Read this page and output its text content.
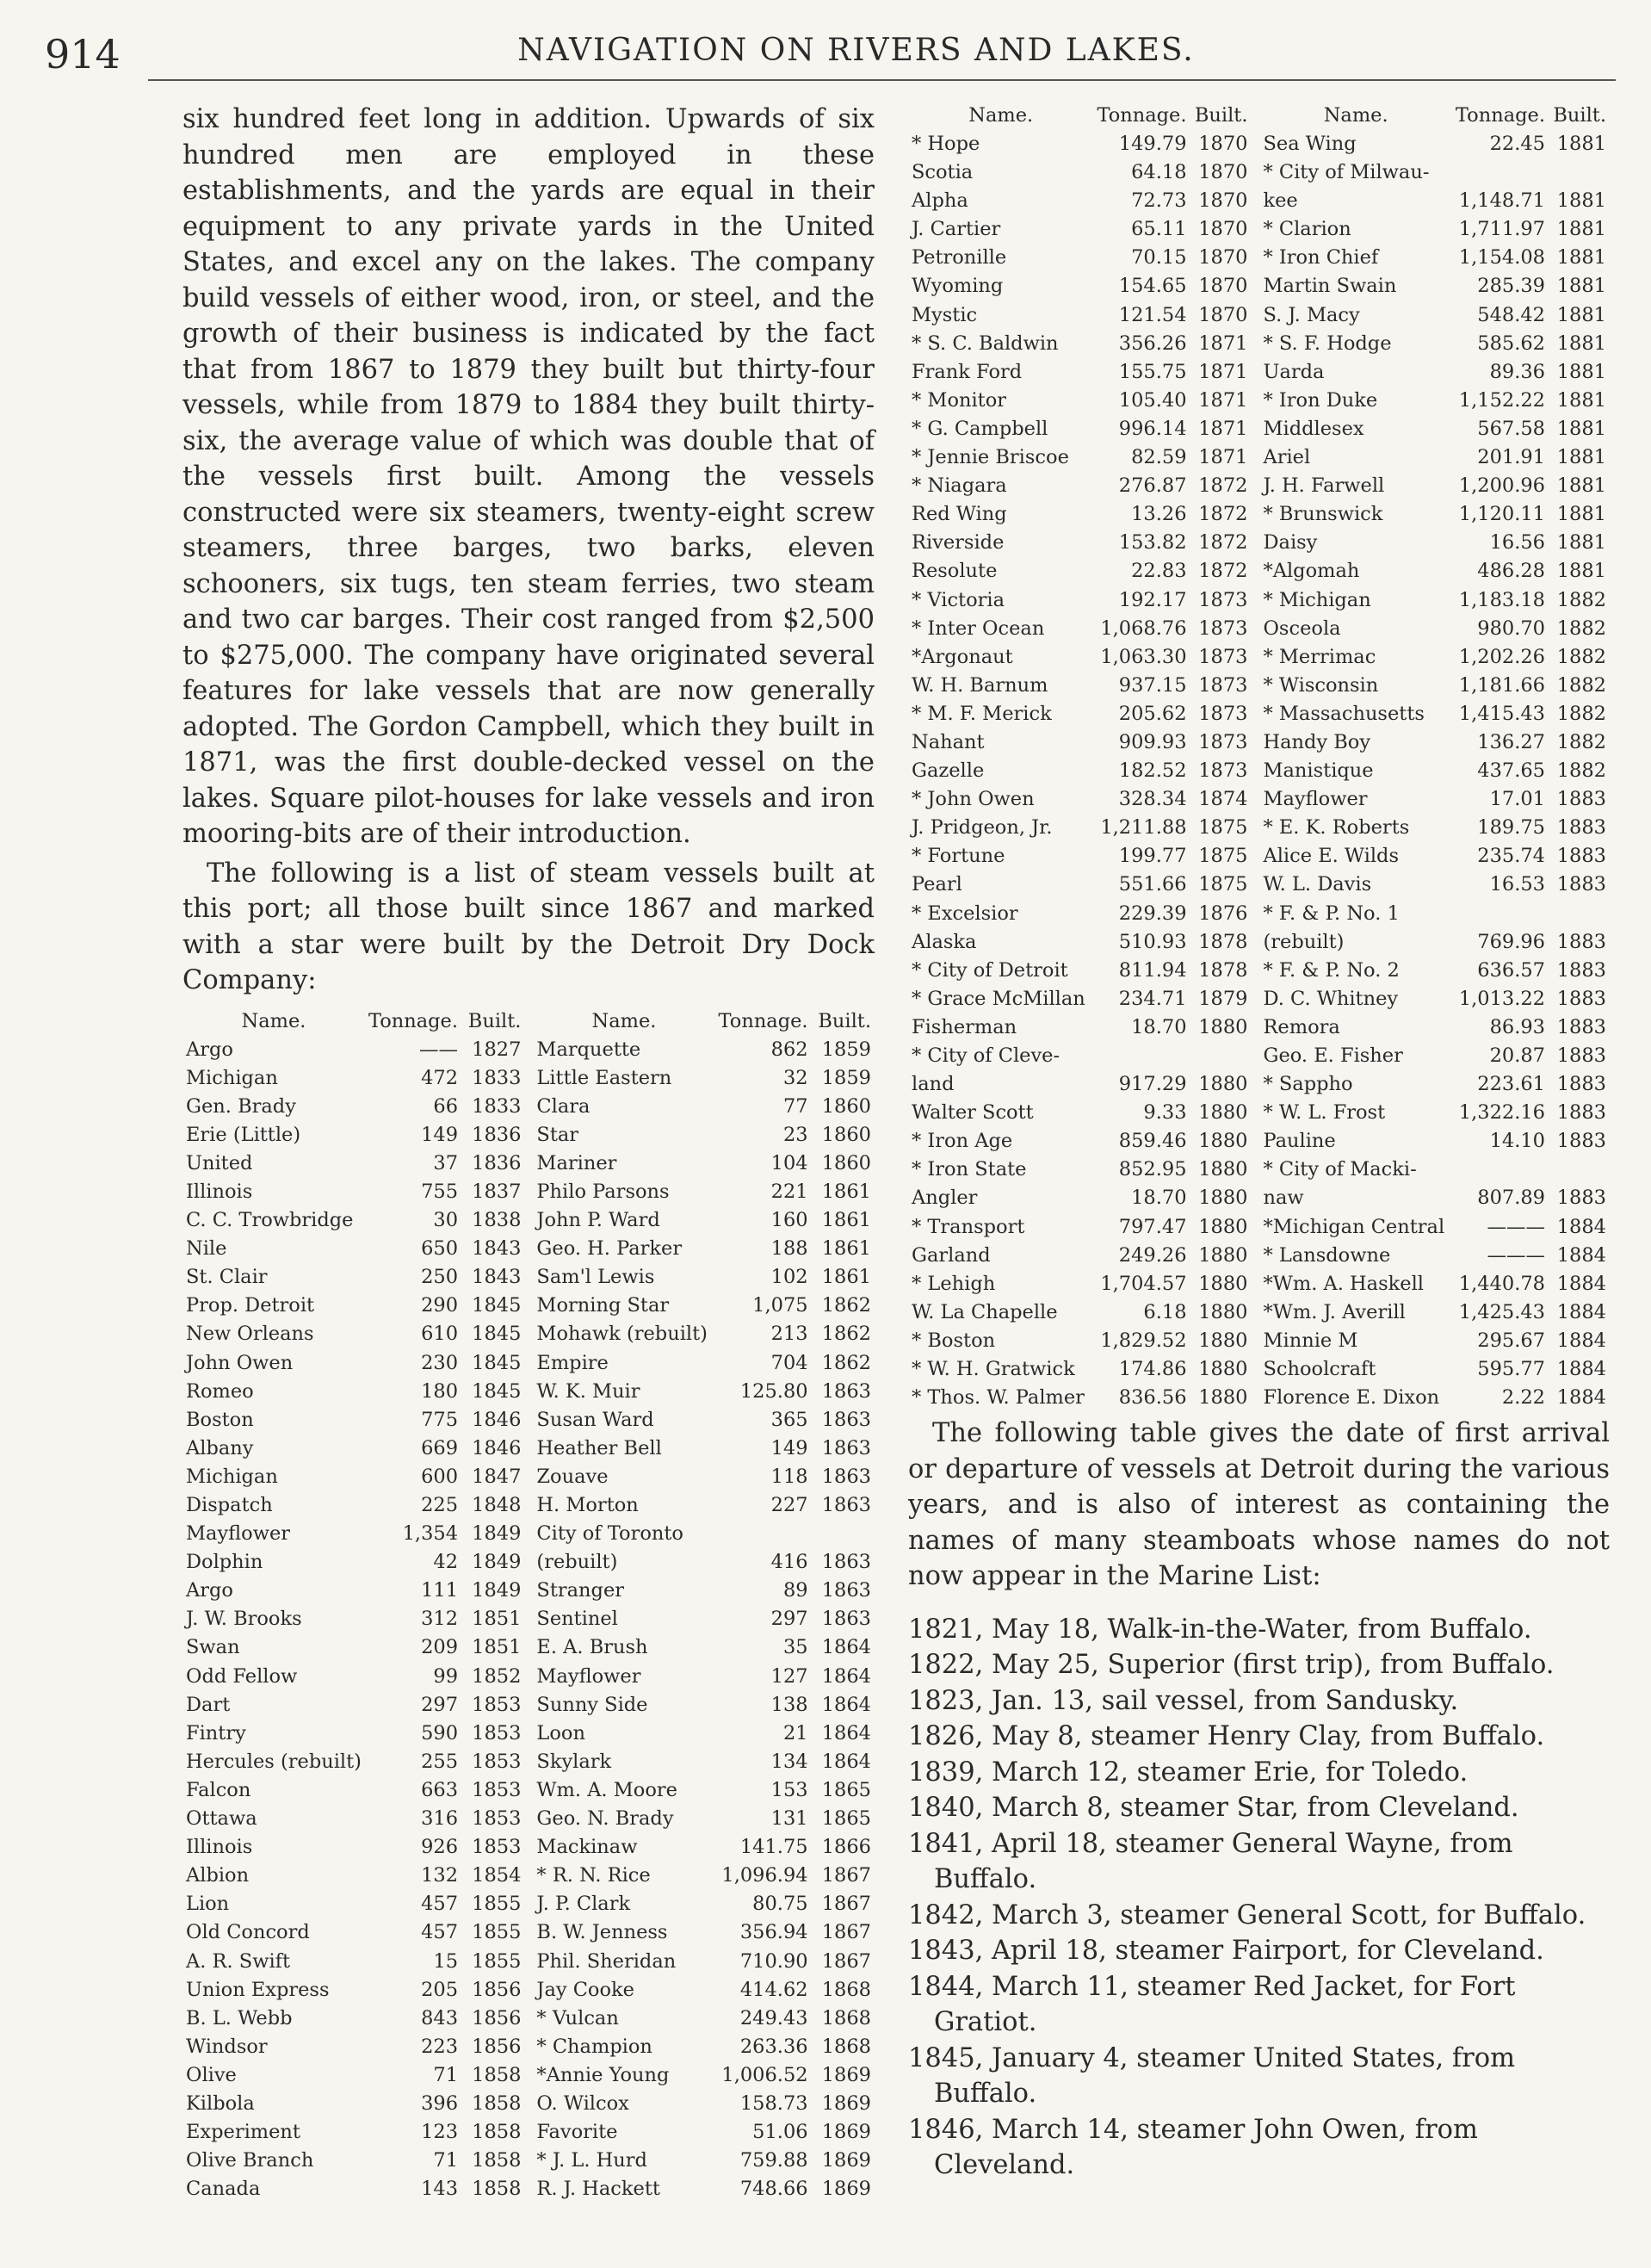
914	NAVIGATION ON RIVERS AND LAKES.

six hundred feet long in addition. Upwards of six hundred men are employed in these establishments, and the yards are equal in their equipment to any private yards in the United States, and excel any on the lakes. The company build vessels of either wood, iron, or steel, and the growth of their business is indicated by the fact that from 1867 to 1879 they built but thirty-four vessels, while from 1879 to 1884 they built thirty-six, the average value of which was double that of the vessels first built. Among the vessels constructed were six steamers, twenty-eight screw steamers, three barges, two barks, eleven schooners, six tugs, ten steam ferries, two steam and two car barges. Their cost ranged from $2,500 to $275,000. The company have originated several features for lake vessels that are now generally adopted. The Gordon Campbell, which they built in 1871, was the first double-decked vessel on the lakes. Square pilot-houses for lake vessels and iron mooring-bits are of their introduction.

The following is a list of steam vessels built at this port; all those built since 1867 and marked with a star were built by the Detroit Dry Dock Company:

Name.	Tonnage.	Built.	Name.	Tonnage.	Built.
Argo	——	1827	Marquette	862	1859
Michigan	472	1833	Little Eastern	32	1859
Gen. Brady	66	1833	Clara	77	1860
Erie (Little)	149	1836	Star	23	1860
United	37	1836	Mariner	104	1860
Illinois	755	1837	Philo Parsons	221	1861
C. C. Trowbridge	30	1838	John P. Ward	160	1861
Nile	650	1843	Geo. H. Parker	188	1861
St. Clair	250	1843	Sam'l Lewis	102	1861
Prop. Detroit	290	1845	Morning Star	1,075	1862
New Orleans	610	1845	Mohawk (rebuilt)	213	1862
John Owen	230	1845	Empire	704	1862
Romeo	180	1845	W. K. Muir	125.80	1863
Boston	775	1846	Susan Ward	365	1863
Albany	669	1846	Heather Bell	149	1863
Michigan	600	1847	Zouave	118	1863
Dispatch	225	1848	H. Morton	227	1863
Mayflower	1,354	1849	City of Toronto		
Dolphin	42	1849	(rebuilt)	416	1863
Argo	111	1849	Stranger	89	1863
J. W. Brooks	312	1851	Sentinel	297	1863
Swan	209	1851	E. A. Brush	35	1864
Odd Fellow	99	1852	Mayflower	127	1864
Dart	297	1853	Sunny Side	138	1864
Fintry	590	1853	Loon	21	1864
Hercules (rebuilt)	255	1853	Skylark	134	1864
Falcon	663	1853	Wm. A. Moore	153	1865
Ottawa	316	1853	Geo. N. Brady	131	1865
Illinois	926	1853	Mackinaw	141.75	1866
Albion	132	1854	* R. N. Rice	1,096.94	1867
Lion	457	1855	J. P. Clark	80.75	1867
Old Concord	457	1855	B. W. Jenness	356.94	1867
A. R. Swift	15	1855	Phil. Sheridan	710.90	1867
Union Express	205	1856	Jay Cooke	414.62	1868
B. L. Webb	843	1856	* Vulcan	249.43	1868
Windsor	223	1856	* Champion	263.36	1868
Olive	71	1858	*Annie Young	1,006.52	1869
Kilbola	396	1858	O. Wilcox	158.73	1869
Experiment	123	1858	Favorite	51.06	1869
Olive Branch	71	1858	* J. L. Hurd	759.88	1869
Canada	143	1858	R. J. Hackett	748.66	1869
Name.	Tonnage.	Built.	Name.	Tonnage.	Built.
* Hope	149.79	1870	Sea Wing	22.45	1881
Scotia	64.18	1870	* City of Milwau-		
Alpha	72.73	1870	kee	1,148.71	1881
J. Cartier	65.11	1870	* Clarion	1,711.97	1881
Petronille	70.15	1870	* Iron Chief	1,154.08	1881
Wyoming	154.65	1870	Martin Swain	285.39	1881
Mystic	121.54	1870	S. J. Macy	548.42	1881
* S. C. Baldwin	356.26	1871	* S. F. Hodge	585.62	1881
Frank Ford	155.75	1871	Uarda	89.36	1881
* Monitor	105.40	1871	* Iron Duke	1,152.22	1881
* G. Campbell	996.14	1871	Middlesex	567.58	1881
* Jennie Briscoe	82.59	1871	Ariel	201.91	1881
* Niagara	276.87	1872	J. H. Farwell	1,200.96	1881
Red Wing	13.26	1872	* Brunswick	1,120.11	1881
Riverside	153.82	1872	Daisy	16.56	1881
Resolute	22.83	1872	*Algomah	486.28	1881
* Victoria	192.17	1873	* Michigan	1,183.18	1882
* Inter Ocean	1,068.76	1873	Osceola	980.70	1882
*Argonaut	1,063.30	1873	* Merrimac	1,202.26	1882
W. H. Barnum	937.15	1873	* Wisconsin	1,181.66	1882
* M. F. Merick	205.62	1873	* Massachusetts	1,415.43	1882
Nahant	909.93	1873	Handy Boy	136.27	1882
Gazelle	182.52	1873	Manistique	437.65	1882
* John Owen	328.34	1874	Mayflower	17.01	1883
J. Pridgeon, Jr.	1,211.88	1875	* E. K. Roberts	189.75	1883
* Fortune	199.77	1875	Alice E. Wilds	235.74	1883
Pearl	551.66	1875	W. L. Davis	16.53	1883
* Excelsior	229.39	1876	* F. & P. No. 1		
Alaska	510.93	1878	(rebuilt)	769.96	1883
* City of Detroit	811.94	1878	* F. & P. No. 2	636.57	1883
* Grace McMillan	234.71	1879	D. C. Whitney	1,013.22	1883
Fisherman	18.70	1880	Remora	86.93	1883
* City of Cleve-			Geo. E. Fisher	20.87	1883
land	917.29	1880	* Sappho	223.61	1883
Walter Scott	9.33	1880	* W. L. Frost	1,322.16	1883
* Iron Age	859.46	1880	Pauline	14.10	1883
* Iron State	852.95	1880	* City of Macki-		
Angler	18.70	1880	naw	807.89	1883
* Transport	797.47	1880	*Michigan Central	———	1884
Garland	249.26	1880	* Lansdowne	———	1884
* Lehigh	1,704.57	1880	*Wm. A. Haskell	1,440.78	1884
W. La Chapelle	6.18	1880	*Wm. J. Averill	1,425.43	1884
* Boston	1,829.52	1880	Minnie M	295.67	1884
* W. H. Gratwick	174.86	1880	Schoolcraft	595.77	1884
* Thos. W. Palmer	836.56	1880	Florence E. Dixon	2.22	1884

The following table gives the date of first arrival or departure of vessels at Detroit during the various years, and is also of interest as containing the names of many steamboats whose names do not now appear in the Marine List:

1821, May 18, Walk-in-the-Water, from Buffalo.
1822, May 25, Superior (first trip), from Buffalo.
1823, Jan. 13, sail vessel, from Sandusky.
1826, May 8, steamer Henry Clay, from Buffalo.
1839, March 12, steamer Erie, for Toledo.
1840, March 8, steamer Star, from Cleveland.
1841, April 18, steamer General Wayne, from Buffalo.
1842, March 3, steamer General Scott, for Buffalo.
1843, April 18, steamer Fairport, for Cleveland.
1844, March 11, steamer Red Jacket, for Fort Gratiot.
1845, January 4, steamer United States, from Buffalo.
1846, March 14, steamer John Owen, from Cleveland.
